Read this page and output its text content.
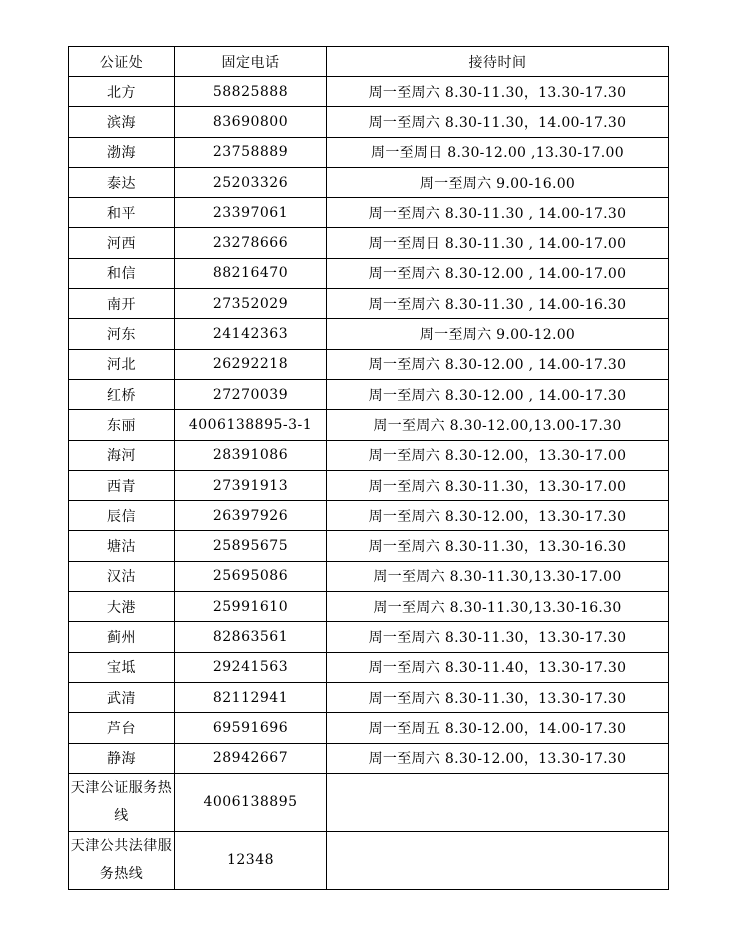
公证处	固定电话	接待时间
北方	58825888	周一至周六 8.30-11.30，13.30-17.30
滨海	83690800	周一至周六 8.30-11.30，14.00-17.30
渤海	23758889	周一至周日 8.30-12.00 ,13.30-17.00
泰达	25203326	周一至周六 9.00-16.00
和平	23397061	周一至周六 8.30-11.30 , 14.00-17.30
河西	23278666	周一至周日 8.30-11.30 , 14.00-17.00
和信	88216470	周一至周六 8.30-12.00 , 14.00-17.00
南开	27352029	周一至周六 8.30-11.30 , 14.00-16.30
河东	24142363	周一至周六 9.00-12.00
河北	26292218	周一至周六 8.30-12.00 , 14.00-17.30
红桥	27270039	周一至周六 8.30-12.00 , 14.00-17.30
东丽	4006138895-3-1	周一至周六 8.30-12.00,13.00-17.30
海河	28391086	周一至周六 8.30-12.00，13.30-17.00
西青	27391913	周一至周六 8.30-11.30，13.30-17.00
辰信	26397926	周一至周六 8.30-12.00，13.30-17.30
塘沽	25895675	周一至周六 8.30-11.30，13.30-16.30
汉沽	25695086	周一至周六 8.30-11.30,13.30-17.00
大港	25991610	周一至周六 8.30-11.30,13.30-16.30
蓟州	82863561	周一至周六 8.30-11.30，13.30-17.30
宝坻	29241563	周一至周六 8.30-11.40，13.30-17.30
武清	82112941	周一至周六 8.30-11.30，13.30-17.30
芦台	69591696	周一至周五 8.30-12.00，14.00-17.30
静海	28942667	周一至周六 8.30-12.00，13.30-17.30
天津公证服务热线	4006138895	
天津公共法律服务热线	12348	
